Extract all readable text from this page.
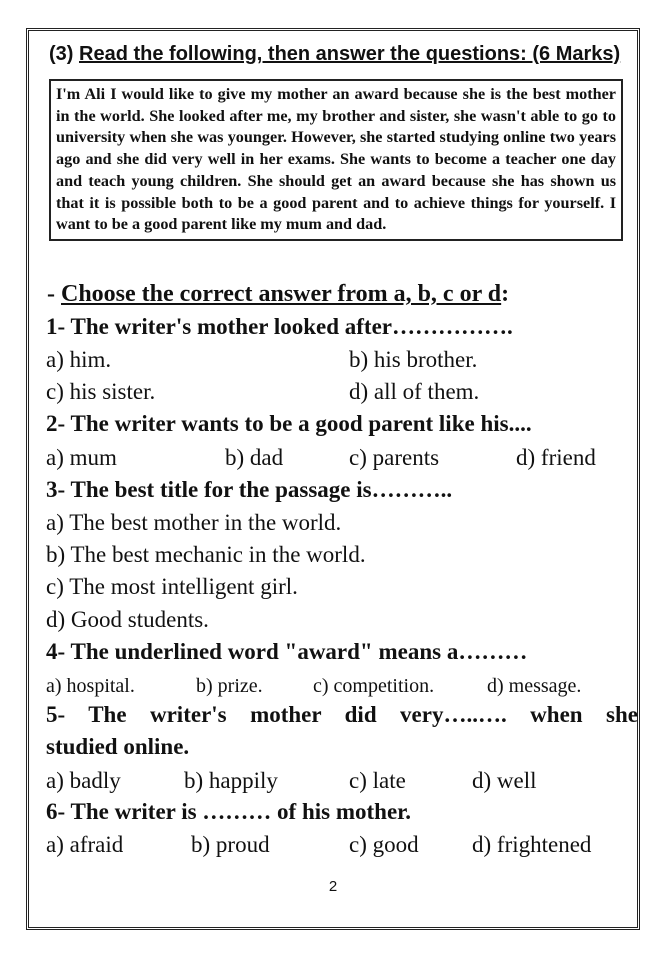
(3) Read the following, then answer the questions: (6 Marks)
I'm Ali I would like to give my mother an award because she is the best mother in the world. She looked after me, my brother and sister, she wasn't able to go to university when she was younger. However, she started studying online two years ago and she did very well in her exams. She wants to become a teacher one day and teach young children. She should get an award because she has shown us that it is possible both to be a good parent and to achieve things for yourself. I want to be a good parent like my mum and dad.
- Choose the correct answer from a, b, c or d:
1- The writer's mother looked after…………….
a) him.	b) his brother.
c) his sister.	d) all of them.
2- The writer wants to be a good parent like his....
a) mum	b) dad	c) parents	d) friend
3- The best title for the passage is………..
a) The best mother in the world.
b) The best mechanic in the world.
c) The most intelligent girl.
d) Good students.
4- The underlined word "award" means a………
a) hospital.	b) prize.	c) competition.	d) message.
5- The writer's mother did very…..…. when she
studied online.
a) badly	b) happily	c) late	d) well
6- The writer is ……… of his mother.
a) afraid	b) proud	c) good d) frightened
2
